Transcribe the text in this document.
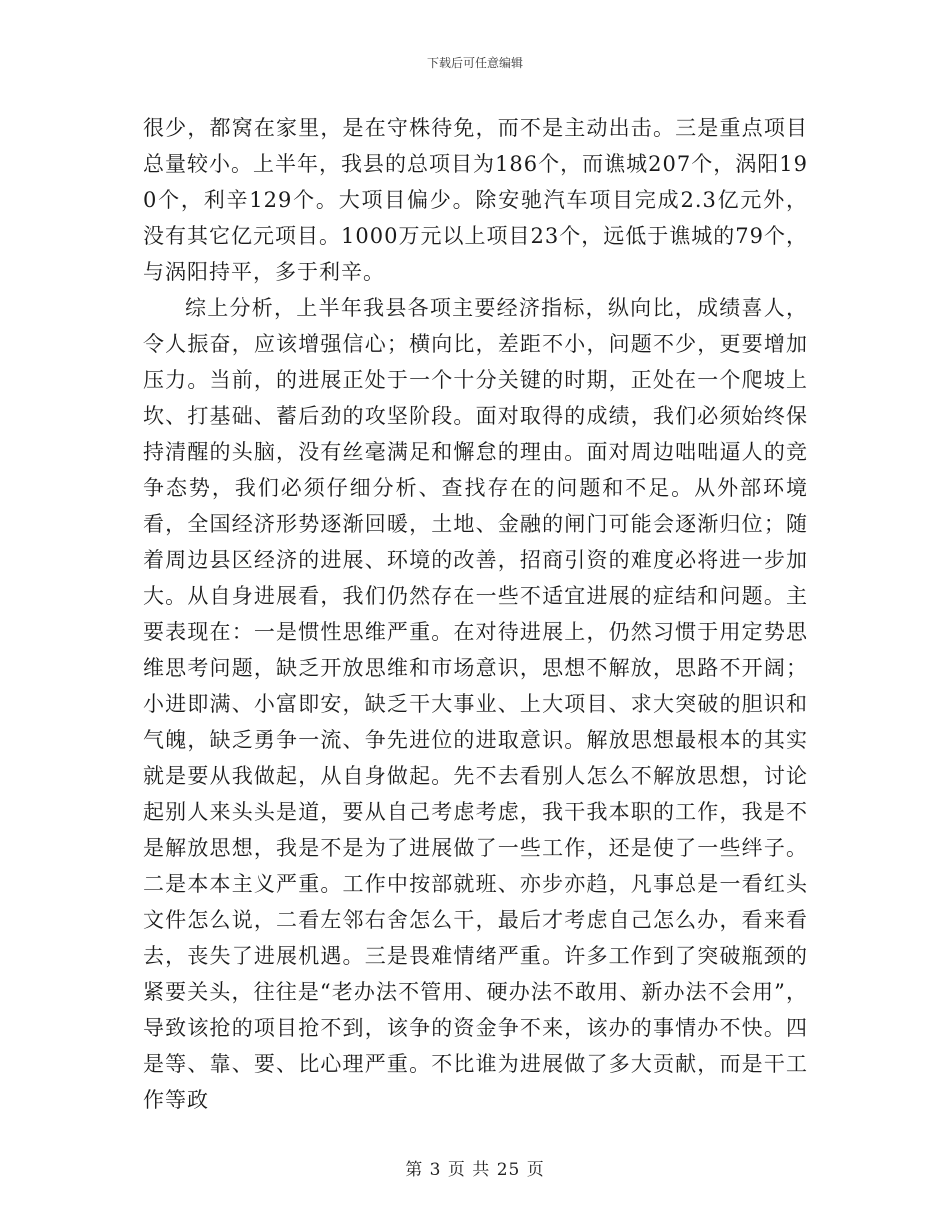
下载后可任意编辑

很少，都窝在家里，是在守株待免，而不是主动出击。三是重点项目总量较小。上半年，我县的总项目为186个，而谯城207个，涡阳190个，利辛129个。大项目偏少。除安驰汽车项目完成2.3亿元外，没有其它亿元项目。1000万元以上项目23个，远低于谯城的79个，与涡阳持平，多于利辛。

综上分析，上半年我县各项主要经济指标，纵向比，成绩喜人，令人振奋，应该增强信心；横向比，差距不小，问题不少，更要增加压力。当前，的进展正处于一个十分关键的时期，正处在一个爬坡上坎、打基础、蓄后劲的攻坚阶段。面对取得的成绩，我们必须始终保持清醒的头脑，没有丝毫满足和懈怠的理由。面对周边咄咄逼人的竞争态势，我们必须仔细分析、查找存在的问题和不足。从外部环境看，全国经济形势逐渐回暖，土地、金融的闸门可能会逐渐归位；随着周边县区经济的进展、环境的改善，招商引资的难度必将进一步加大。从自身进展看，我们仍然存在一些不适宜进展的症结和问题。主要表现在：一是惯性思维严重。在对待进展上，仍然习惯于用定势思维思考问题，缺乏开放思维和市场意识，思想不解放，思路不开阔；小进即满、小富即安，缺乏干大事业、上大项目、求大突破的胆识和气魄，缺乏勇争一流、争先进位的进取意识。解放思想最根本的其实就是要从我做起，从自身做起。先不去看别人怎么不解放思想，讨论起别人来头头是道，要从自己考虑考虑，我干我本职的工作，我是不是解放思想，我是不是为了进展做了一些工作，还是使了一些绊子。二是本本主义严重。工作中按部就班、亦步亦趋，凡事总是一看红头文件怎么说，二看左邻右舍怎么干，最后才考虑自己怎么办，看来看去，丧失了进展机遇。三是畏难情绪严重。许多工作到了突破瓶颈的紧要关头，往往是“老办法不管用、硬办法不敢用、新办法不会用”，导致该抢的项目抢不到，该争的资金争不来，该办的事情办不快。四是等、靠、要、比心理严重。不比谁为进展做了多大贡献，而是干工作等政

第 3 页 共 25 页
